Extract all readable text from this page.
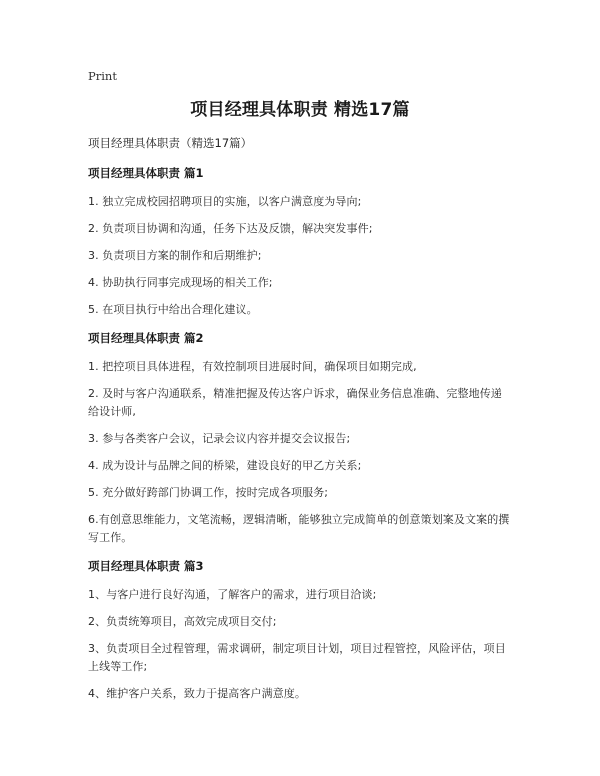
Print
项目经理具体职责 精选17篇
项目经理具体职责（精选17篇）
项目经理具体职责 篇1
1. 独立完成校园招聘项目的实施，以客户满意度为导向;
2. 负责项目协调和沟通，任务下达及反馈，解决突发事件;
3. 负责项目方案的制作和后期维护;
4. 协助执行同事完成现场的相关工作;
5. 在项目执行中给出合理化建议。
项目经理具体职责 篇2
1. 把控项目具体进程，有效控制项目进展时间，确保项目如期完成,
2. 及时与客户沟通联系，精准把握及传达客户诉求，确保业务信息准确、完整地传递给设计师,
3. 参与各类客户会议，记录会议内容并提交会议报告;
4. 成为设计与品牌之间的桥梁，建设良好的甲乙方关系;
5. 充分做好跨部门协调工作，按时完成各项服务;
6.有创意思维能力，文笔流畅，逻辑清晰，能够独立完成简单的创意策划案及文案的撰写工作。
项目经理具体职责 篇3
1、与客户进行良好沟通，了解客户的需求，进行项目洽谈;
2、负责统筹项目，高效完成项目交付;
3、负责项目全过程管理，需求调研，制定项目计划，项目过程管控，风险评估，项目上线等工作;
4、维护客户关系，致力于提高客户满意度。
